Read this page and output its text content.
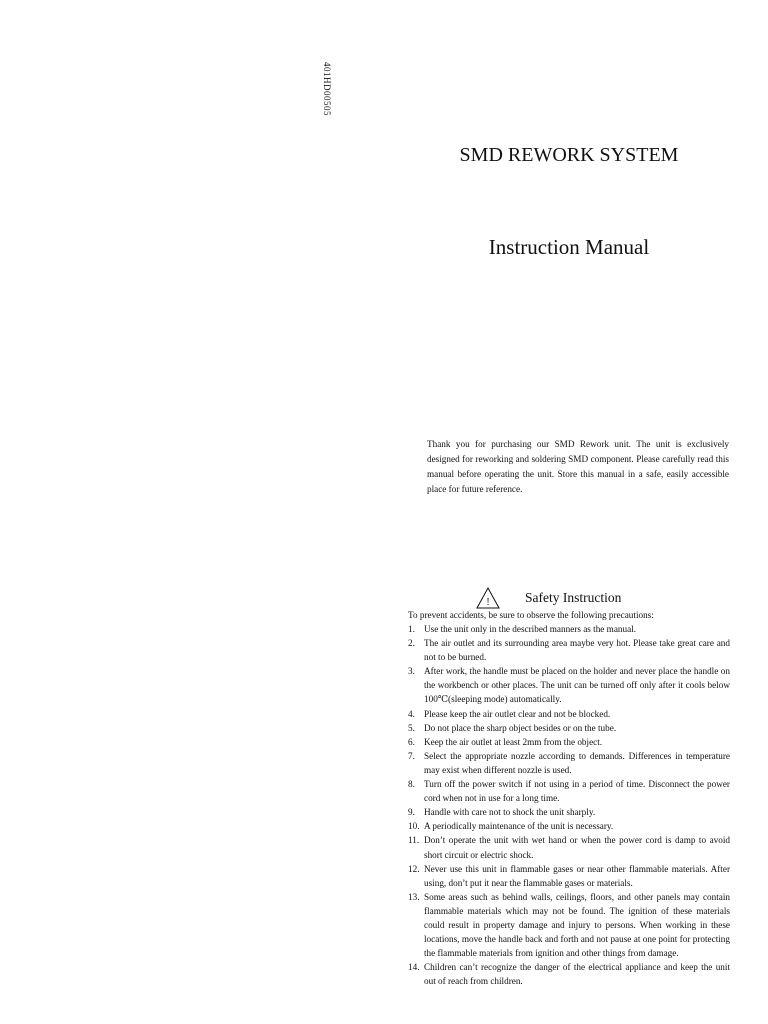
401HD00505
SMD REWORK SYSTEM
Instruction Manual

Thank you for purchasing our SMD Rework unit. The unit is exclusively designed for reworking and soldering SMD component. Please carefully read this manual before operating the unit. Store this manual in a safe, easily accessible place for future reference.

!	Safety Instruction

To prevent accidents, be sure to observe the following precautions:

1. Use the unit only in the described manners as the manual.
2. The air outlet and its surrounding area maybe very hot. Please take great care and not to be burned.
3. After work, the handle must be placed on the holder and never place the handle on the workbench or other places. The unit can be turned off only after it cools below 100℃(sleeping mode) automatically.
4. Please keep the air outlet clear and not be blocked.
5. Do not place the sharp object besides or on the tube.
6. Keep the air outlet at least 2mm from the object.
7. Select the appropriate nozzle according to demands. Differences in temperature may exist when different nozzle is used.
8. Turn off the power switch if not using in a period of time. Disconnect the power cord when not in use for a long time.
9. Handle with care not to shock the unit sharply.
10. A periodically maintenance of the unit is necessary.
11. Don’t operate the unit with wet hand or when the power cord is damp to avoid short circuit or electric shock.
12. Never use this unit in flammable gases or near other flammable materials. After using, don’t put it near the flammable gases or materials.
13. Some areas such as behind walls, ceilings, floors, and other panels may contain flammable materials which may not be found. The ignition of these materials could result in property damage and injury to persons. When working in these locations, move the handle back and forth and not pause at one point for protecting the flammable materials from ignition and other things from damage.
14. Children can’t recognize the danger of the electrical appliance and keep the unit out of reach from children.
